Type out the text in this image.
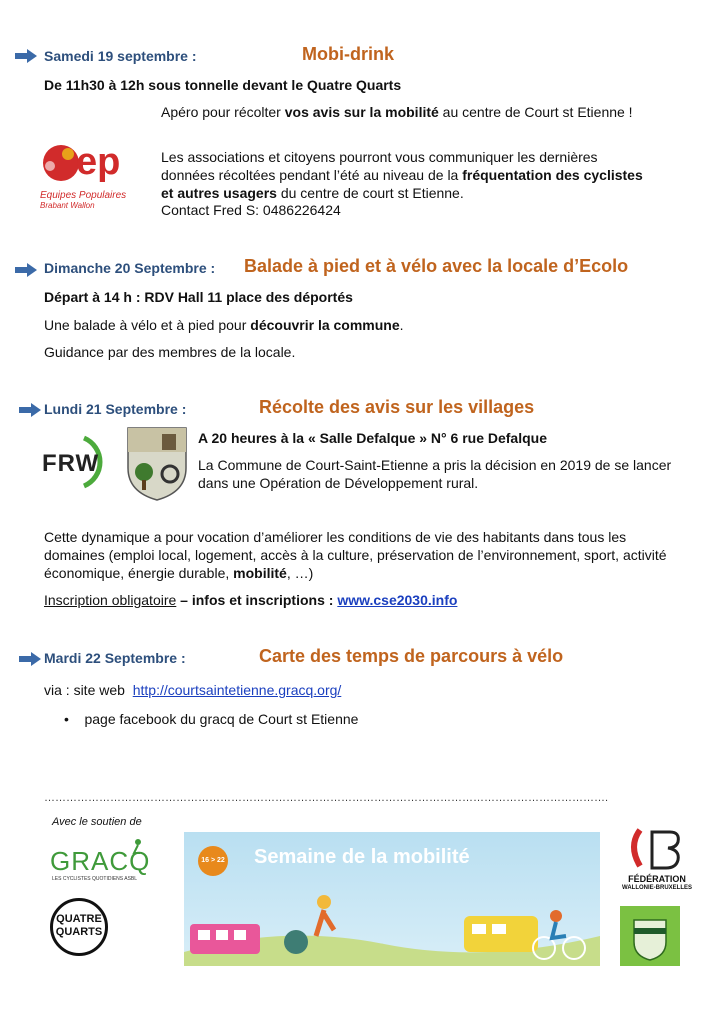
Samedi 19 septembre :	Mobi-drink
De 11h30 à 12h sous tonnelle devant le Quatre Quarts
ep
Equipes Populaires
Brabant Wallon
Apéro pour récolter vos avis sur la mobilité au centre de Court st Etienne !
Les associations et citoyens pourront vous communiquer les dernières données récoltées pendant l’été au niveau de la fréquentation des cyclistes et autres usagers du centre de court st Etienne.
Contact Fred S: 0486226424
Dimanche 20 Septembre : Balade à pied et à vélo avec la locale d’Ecolo
Départ à 14 h : RDV Hall 11 place des déportés
Une balade à vélo et à pied pour découvrir la commune.
Guidance par des membres de la locale.
Lundi 21 Septembre :	Récolte des avis sur les villages
FRW
A 20 heures à la « Salle Defalque » N° 6 rue Defalque
La Commune de Court-Saint-Etienne a pris la décision en 2019 de se lancer dans une Opération de Développement rural.
Cette dynamique a pour vocation d’améliorer les conditions de vie des habitants dans tous les domaines (emploi local, logement, accès à la culture, préservation de l’environnement, sport, activité économique, énergie durable, mobilité, …)
Inscription obligatoire – infos et inscriptions : www.cse2030.info
Mardi 22 Septembre :	Carte des temps de parcours à vélo
via : site web http://courtsaintetienne.gracq.org/
•    page facebook du gracq de Court st Etienne
……………………………………………………………………………………………………………………………………….
Avec le soutien de
GRACQ
LES CYCLISTES QUOTIDIENS ASBL
QUATRE
QUARTS
16 > 22 Semaine de la mobilité
FÉDÉRATION
WALLONIE-BRUXELLES
